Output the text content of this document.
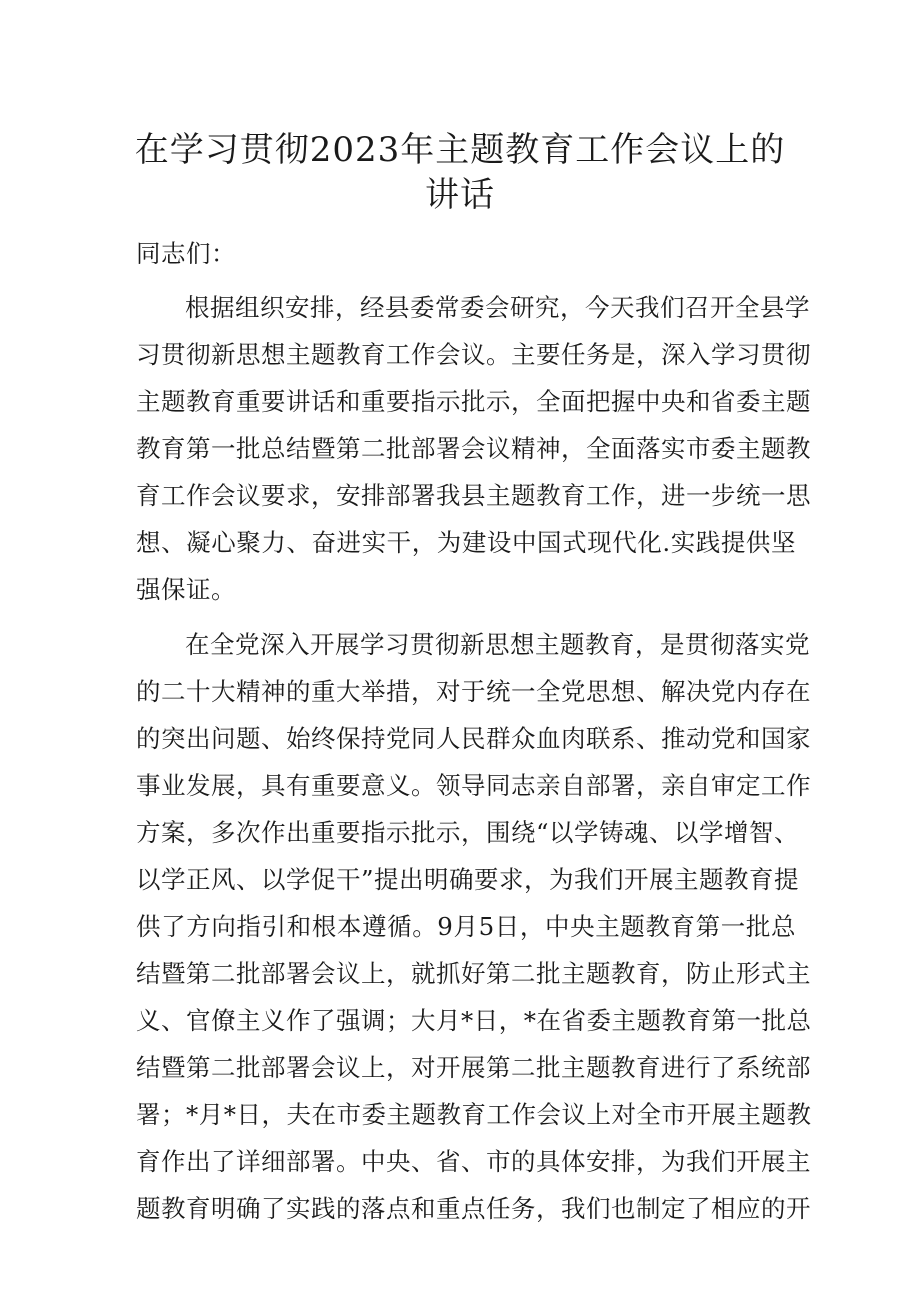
在学习贯彻2023年主题教育工作会议上的
讲话
同志们：
根据组织安排，经县委常委会研究，今天我们召开全县学
习贯彻新思想主题教育工作会议。主要任务是，深入学习贯彻
主题教育重要讲话和重要指示批示，全面把握中央和省委主题
教育第一批总结暨第二批部署会议精神，全面落实市委主题教
育工作会议要求，安排部署我县主题教育工作，进一步统一思
想、凝心聚力、奋进实干，为建设中国式现代化.实践提供坚
强保证。
在全党深入开展学习贯彻新思想主题教育，是贯彻落实党
的二十大精神的重大举措，对于统一全党思想、解决党内存在
的突出问题、始终保持党同人民群众血肉联系、推动党和国家
事业发展，具有重要意义。领导同志亲自部署，亲自审定工作
方案，多次作出重要指示批示，围绕“以学铸魂、以学增智、
以学正风、以学促干”提出明确要求，为我们开展主题教育提
供了方向指引和根本遵循。9月5日，中央主题教育第一批总
结暨第二批部署会议上，就抓好第二批主题教育，防止形式主
义、官僚主义作了强调；大月*日，*在省委主题教育第一批总
结暨第二批部署会议上，对开展第二批主题教育进行了系统部
署；*月*日，夫在市委主题教育工作会议上对全市开展主题教
育作出了详细部署。中央、省、市的具体安排，为我们开展主
题教育明确了实践的落点和重点任务，我们也制定了相应的开
